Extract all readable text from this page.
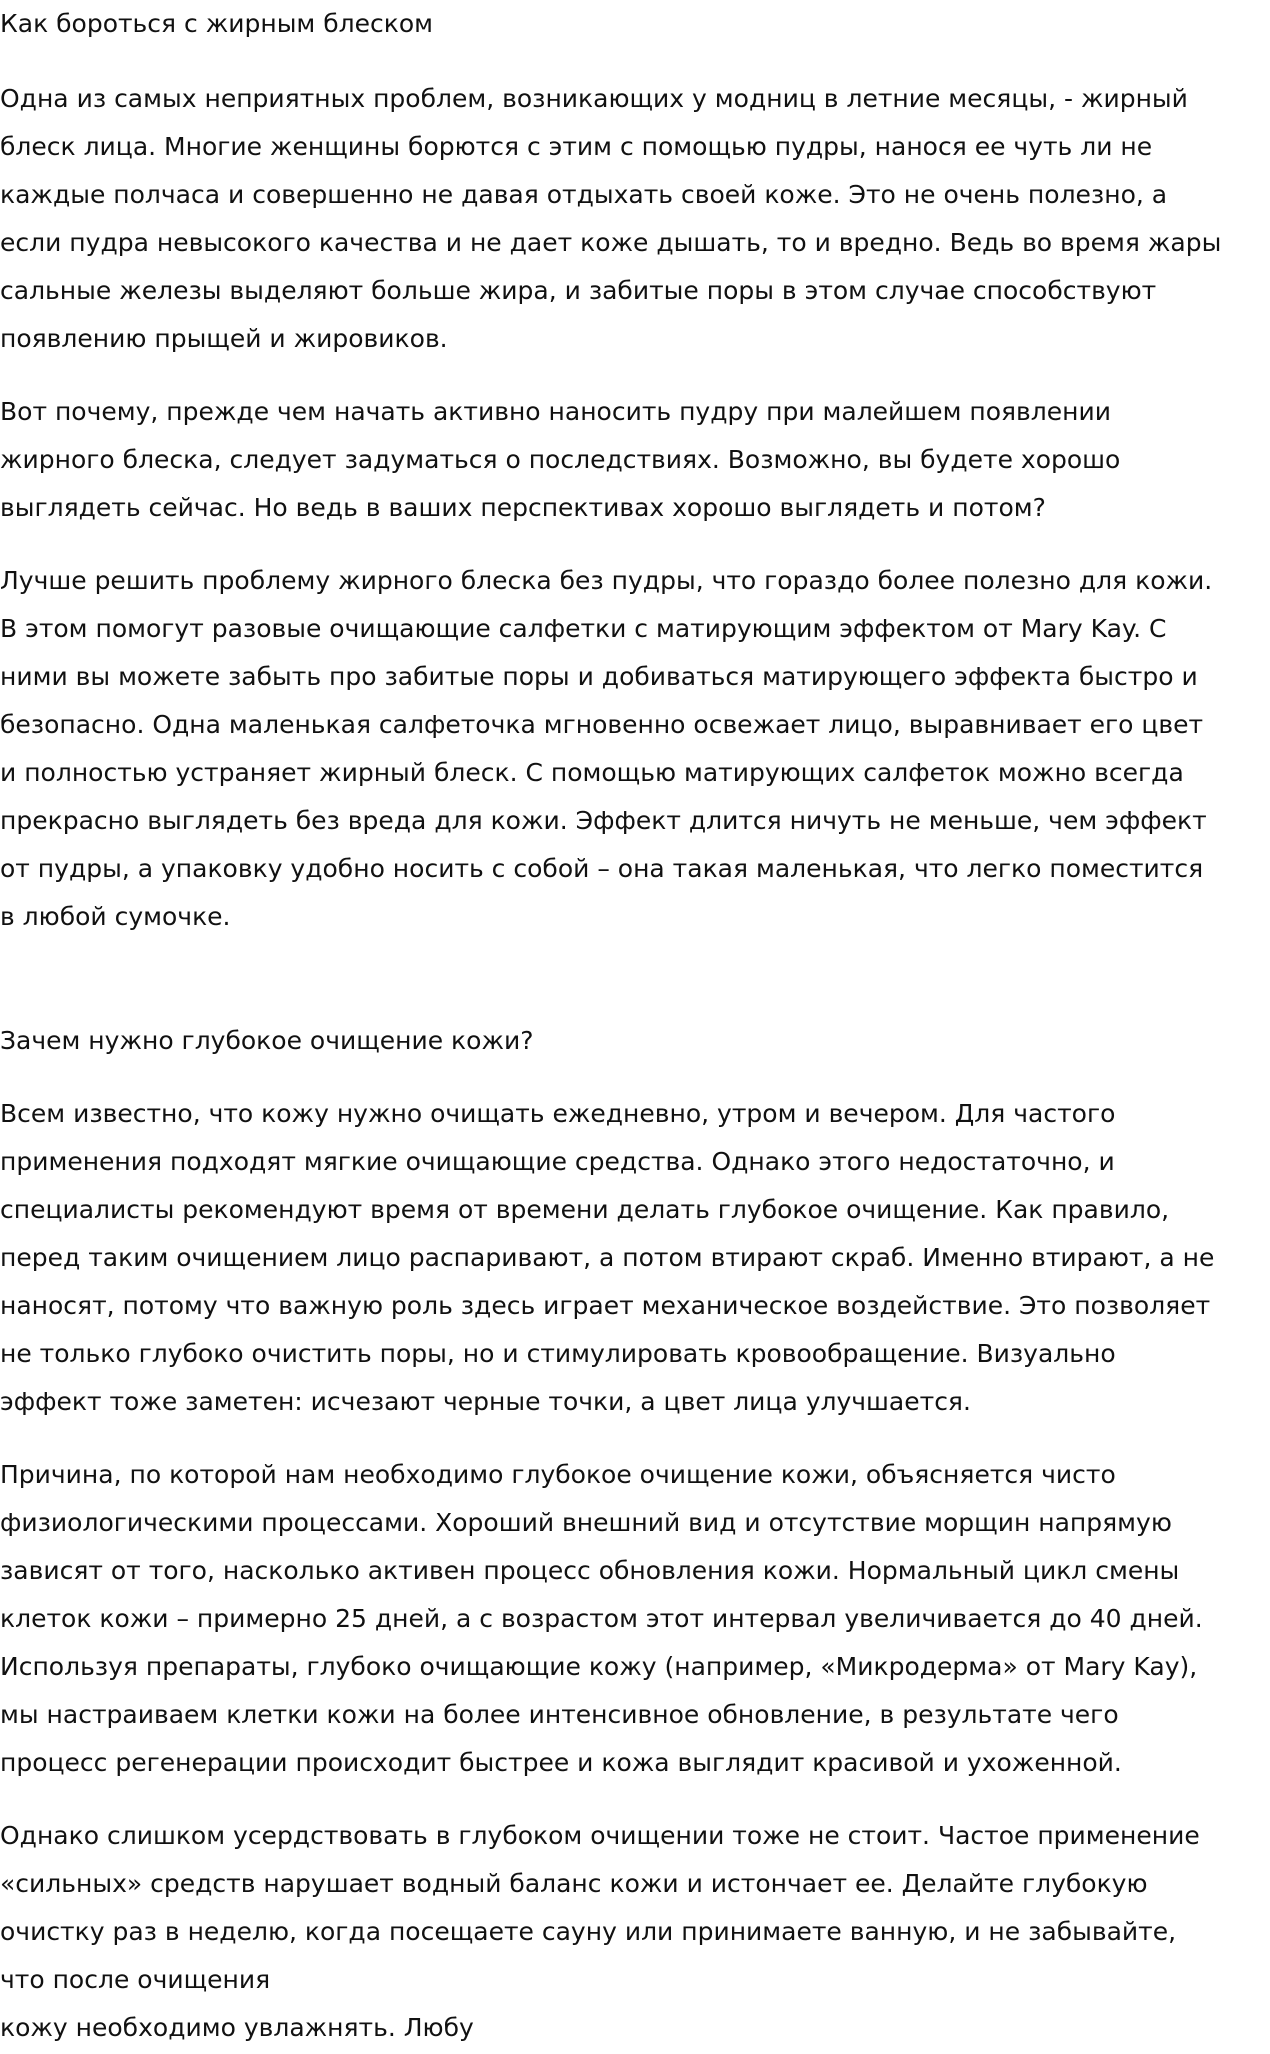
Как бороться с жирным блеском
Одна из самых неприятных проблем, возникающих у модниц в летние месяцы, - жирный
блеск лица. Многие женщины борются с этим с помощью пудры, нанося ее чуть ли не
каждые полчаса и совершенно не давая отдыхать своей коже. Это не очень полезно, а
если пудра невысокого качества и не дает коже дышать, то и вредно. Ведь во время жары
сальные железы выделяют больше жира, и забитые поры в этом случае способствуют
появлению прыщей и жировиков.
Вот почему, прежде чем начать активно наносить пудру при малейшем появлении
жирного блеска, следует задуматься о последствиях. Возможно, вы будете хорошо
выглядеть сейчас. Но ведь в ваших перспективах хорошо выглядеть и потом?
Лучше решить проблему жирного блеска без пудры, что гораздо более полезно для кожи.
В этом помогут разовые очищающие салфетки с матирующим эффектом от Mary Kay. С
ними вы можете забыть про забитые поры и добиваться матирующего эффекта быстро и
безопасно. Одна маленькая салфеточка мгновенно освежает лицо, выравнивает его цвет
и полностью устраняет жирный блеск. С помощью матирующих салфеток можно всегда
прекрасно выглядеть без вреда для кожи. Эффект длится ничуть не меньше, чем эффект
от пудры, а упаковку удобно носить с собой – она такая маленькая, что легко поместится
в любой сумочке.
Зачем нужно глубокое очищение кожи?
Всем известно, что кожу нужно очищать ежедневно, утром и вечером. Для частого
применения подходят мягкие очищающие средства. Однако этого недостаточно, и
специалисты рекомендуют время от времени делать глубокое очищение. Как правило,
перед таким очищением лицо распаривают, а потом втирают скраб. Именно втирают, а не
наносят, потому что важную роль здесь играет механическое воздействие. Это позволяет
не только глубоко очистить поры, но и стимулировать кровообращение. Визуально
эффект тоже заметен: исчезают черные точки, а цвет лица улучшается.
Причина, по которой нам необходимо глубокое очищение кожи, объясняется чисто
физиологическими процессами. Хороший внешний вид и отсутствие морщин напрямую
зависят от того, насколько активен процесс обновления кожи. Нормальный цикл смены
клеток кожи – примерно 25 дней, а с возрастом этот интервал увеличивается до 40 дней.
Используя препараты, глубоко очищающие кожу (например, «Микродерма» от Mary Kay),
мы настраиваем клетки кожи на более интенсивное обновление, в результате чего
процесс регенерации происходит быстрее и кожа выглядит красивой и ухоженной.
Однако слишком усердствовать в глубоком очищении тоже не стоит. Частое применение
«сильных» средств нарушает водный баланс кожи и истончает ее. Делайте глубокую
очистку раз в неделю, когда посещаете сауну или принимаете ванную, и не забывайте,
что после очищения
кожу необходимо увлажнять. Любу
